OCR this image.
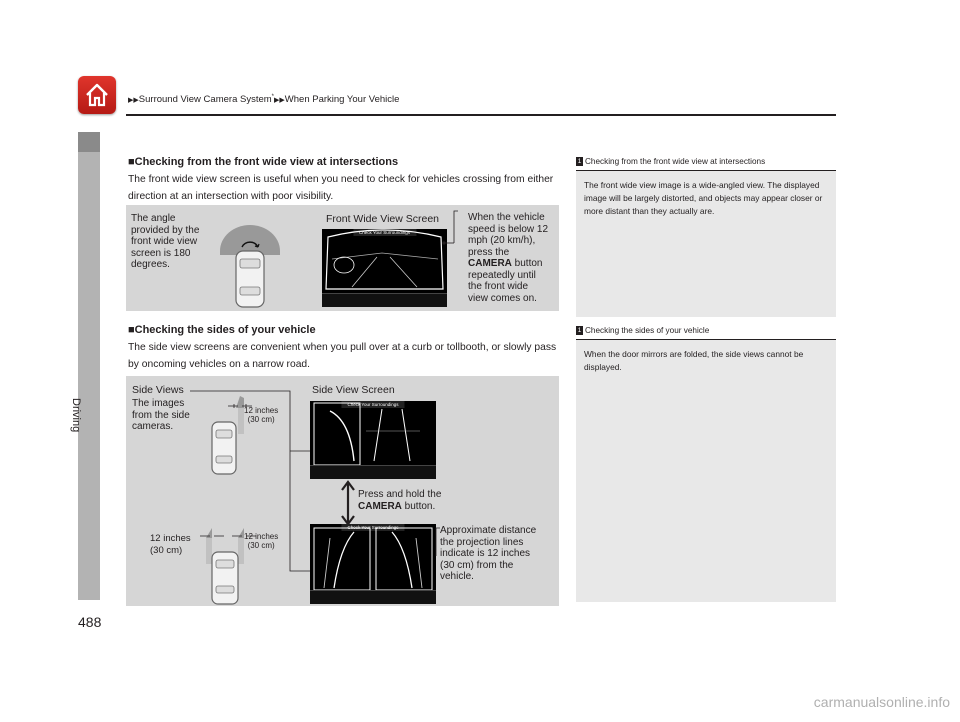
▶▶Surround View Camera System*▶▶When Parking Your Vehicle
Driving
488
■Checking from the front wide view at intersections
The front wide view screen is useful when you need to check for vehicles crossing from either direction at an intersection with poor visibility.
The angle
provided by the
front wide view
screen is 180
degrees.
Front Wide View Screen
Check Your Surroundings
When the vehicle
speed is below 12
mph (20 km/h),
press the
CAMERA button
repeatedly until
the front wide
view comes on.
■Checking the sides of your vehicle
The side view screens are convenient when you pull over at a curb or tollbooth, or slowly pass by oncoming vehicles on a narrow road.
Side Views
The images
from the side
cameras.
12 inches
(30 cm)
Side View Screen
Check Your Surroundings
Press and hold the
CAMERA button.
12 inches
(30 cm)
12 inches
(30 cm)
Check Your Surroundings	Approximate distance
the projection lines
indicate is 12 inches
(30 cm) from the
vehicle.
1 Checking from the front wide view at intersections
The front wide view image is a wide-angled view. The displayed image will be largely distorted, and objects may appear closer or more distant than they actually are.
1 Checking the sides of your vehicle
When the door mirrors are folded, the side views cannot be displayed.
carmanualsonline.info
